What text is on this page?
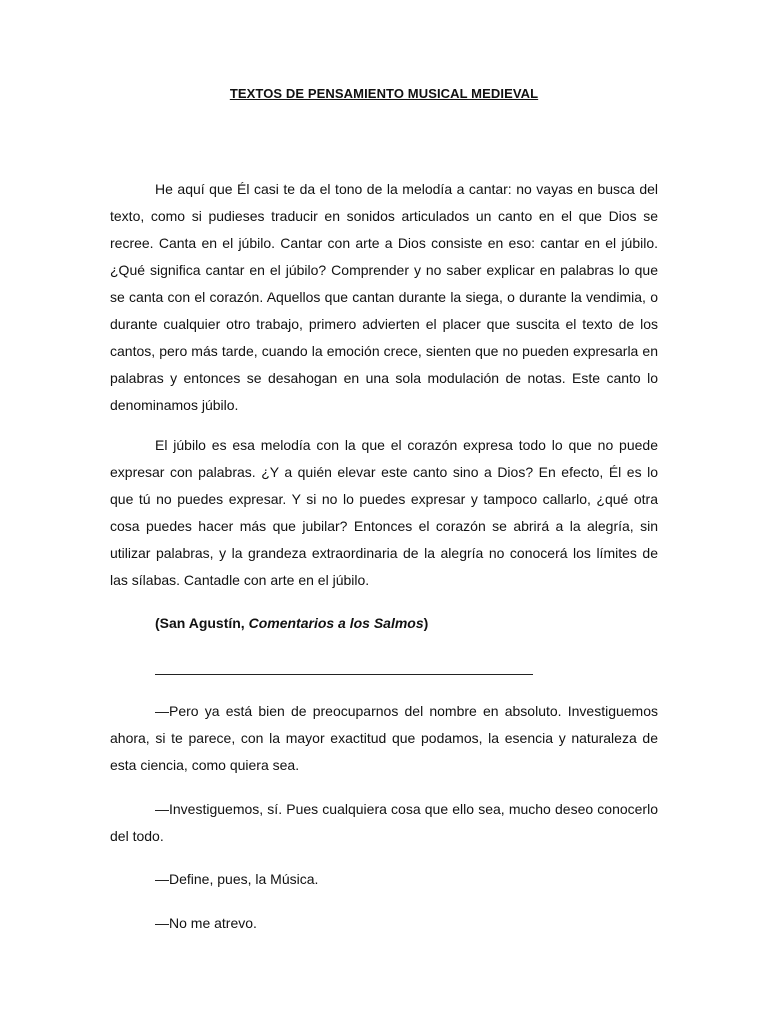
TEXTOS DE PENSAMIENTO MUSICAL MEDIEVAL

He aquí que Él casi te da el tono de la melodía a cantar: no vayas en busca del texto, como si pudieses traducir en sonidos articulados un canto en el que Dios se recree. Canta en el júbilo. Cantar con arte a Dios consiste en eso: cantar en el júbilo. ¿Qué significa cantar en el júbilo? Comprender y no saber explicar en palabras lo que se canta con el corazón. Aquellos que cantan durante la siega, o durante la vendimia, o durante cualquier otro trabajo, primero advierten el placer que suscita el texto de los cantos, pero más tarde, cuando la emoción crece, sienten que no pueden expresarla en palabras y entonces se desahogan en una sola modulación de notas. Este canto lo denominamos júbilo.

El júbilo es esa melodía con la que el corazón expresa todo lo que no puede expresar con palabras. ¿Y a quién elevar este canto sino a Dios? En efecto, Él es lo que tú no puedes expresar. Y si no lo puedes expresar y tampoco callarlo, ¿qué otra cosa puedes hacer más que jubilar? Entonces el corazón se abrirá a la alegría, sin utilizar palabras, y la grandeza extraordinaria de la alegría no conocerá los límites de las sílabas. Cantadle con arte en el júbilo.

(San Agustín, Comentarios a los Salmos)

—Pero ya está bien de preocuparnos del nombre en absoluto. Investiguemos ahora, si te parece, con la mayor exactitud que podamos, la esencia y naturaleza de esta ciencia, como quiera sea.

—Investiguemos, sí. Pues cualquiera cosa que ello sea, mucho deseo conocerlo del todo.

—Define, pues, la Música.

—No me atrevo.
